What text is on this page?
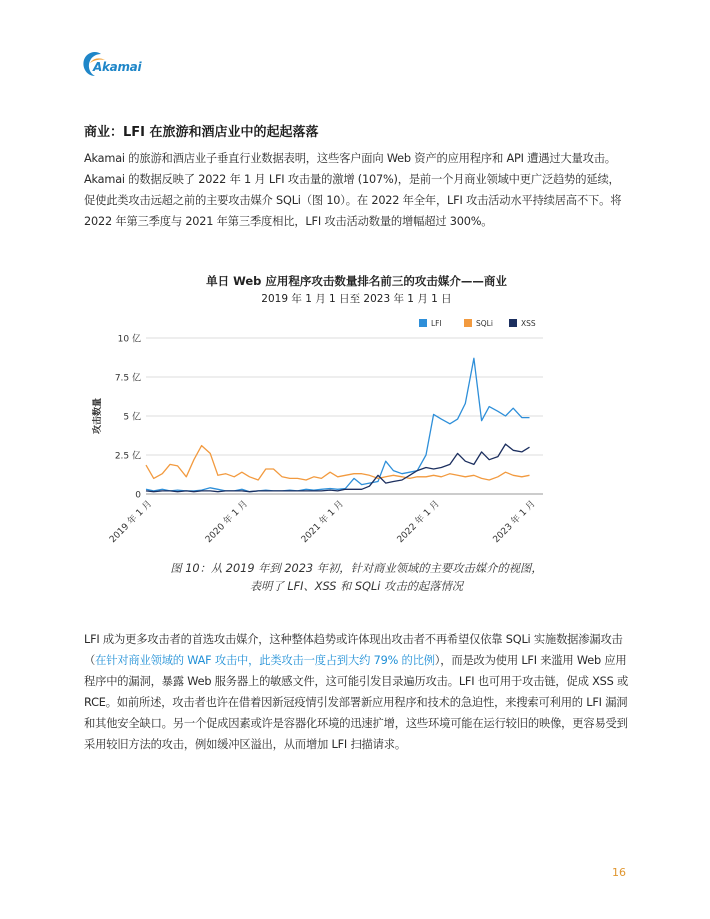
Akamai
商业：LFI 在旅游和酒店业中的起起落落

Akamai 的旅游和酒店业子垂直行业数据表明，这些客户面向 Web 资产的应用程序和 API 遭遇过大量攻击。Akamai 的数据反映了 2022 年 1 月 LFI 攻击量的激增 (107%)，是前一个月商业领域中更广泛趋势的延续，促使此类攻击远超之前的主要攻击媒介 SQLi（图 10）。在 2022 年全年，LFI 攻击活动水平持续居高不下。将 2022 年第三季度与 2021 年第三季度相比，LFI 攻击活动数量的增幅超过 300%。

单日 Web 应用程序攻击数量排名前三的攻击媒介——商业
2019 年 1 月 1 日至 2023 年 1 月 1 日
0
2.5 亿
5 亿
7.5 亿
10 亿
攻击数量
2019 年 1 月	2020 年 1 月	2021 年 1 月	2022 年 1 月	2023 年 1 月
LFI	SQLi	XSS

图 10：从 2019 年到 2023 年初，针对商业领域的主要攻击媒介的视图，
表明了 LFI、XSS 和 SQLi 攻击的起落情况

LFI 成为更多攻击者的首选攻击媒介，这种整体趋势或许体现出攻击者不再希望仅依靠 SQLi 实施数据渗漏攻击（在针对商业领域的 WAF 攻击中，此类攻击一度占到大约 79% 的比例），而是改为使用 LFI 来滥用 Web 应用程序中的漏洞，暴露 Web 服务器上的敏感文件，这可能引发目录遍历攻击。LFI 也可用于攻击链，促成 XSS 或 RCE。如前所述，攻击者也许在借着因新冠疫情引发部署新应用程序和技术的急迫性，来搜索可利用的 LFI 漏洞和其他安全缺口。另一个促成因素或许是容器化环境的迅速扩增，这些环境可能在运行较旧的映像，更容易受到采用较旧方法的攻击，例如缓冲区溢出，从而增加 LFI 扫描请求。

16
